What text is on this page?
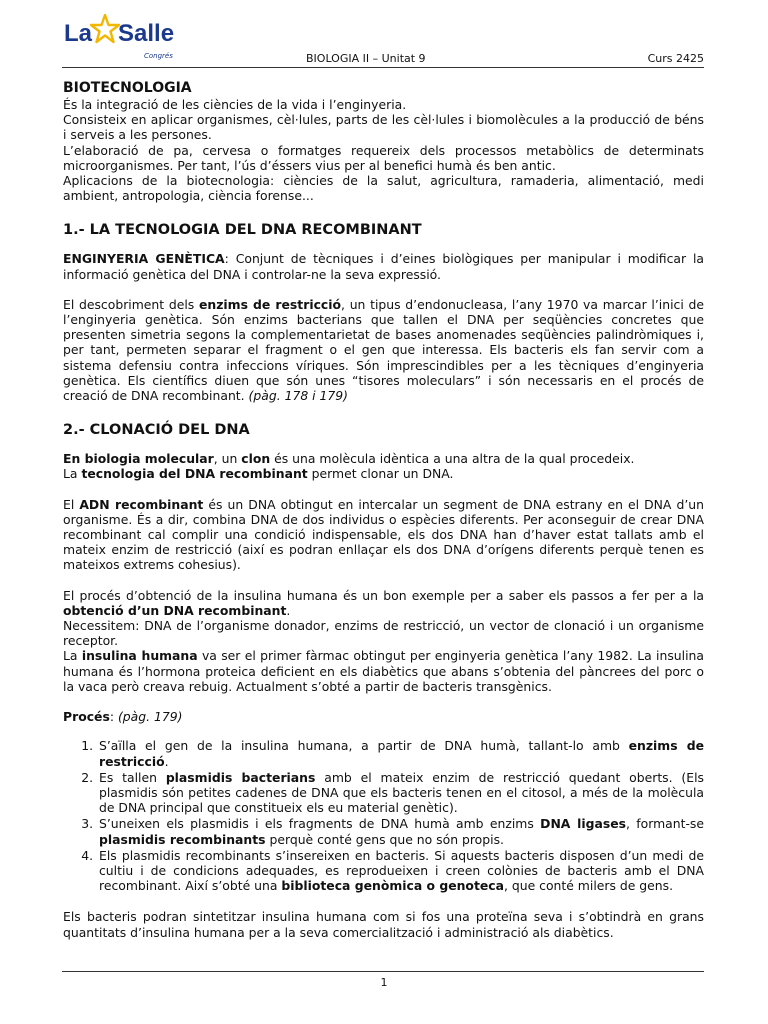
La Salle
Congrés	BIOLOGIA II – Unitat 9	Curs 2425
BIOTECNOLOGIA

És la integració de les ciències de la vida i l’enginyeria.

Consisteix en aplicar organismes, cèl·lules, parts de les cèl·lules i biomolècules a la producció de béns i serveis a les persones.

L’elaboració de pa, cervesa o formatges requereix dels processos metabòlics de determinats microorganismes. Per tant, l’ús d’éssers vius per al benefici humà és ben antic.

Aplicacions de la biotecnologia: ciències de la salut, agricultura, ramaderia, alimentació, medi ambient, antropologia, ciència forense...

1.- LA TECNOLOGIA DEL DNA RECOMBINANT

ENGINYERIA GENÈTICA: Conjunt de tècniques i d’eines biològiques per manipular i modificar la informació genètica del DNA i controlar-ne la seva expressió.

El descobriment dels enzims de restricció, un tipus d’endonucleasa, l’any 1970 va marcar l’inici de l’enginyeria genètica. Són enzims bacterians que tallen el DNA per seqüències concretes que presenten simetria segons la complementarietat de bases anomenades seqüències palindròmiques i, per tant, permeten separar el fragment o el gen que interessa. Els bacteris els fan servir com a sistema defensiu contra infeccions víriques. Són imprescindibles per a les tècniques d’enginyeria genètica. Els científics diuen que són unes “tisores moleculars” i són necessaris en el procés de creació de DNA recombinant. (pàg. 178 i 179)

2.- CLONACIÓ DEL DNA

En biologia molecular, un clon és una molècula idèntica a una altra de la qual procedeix.

La tecnologia del DNA recombinant permet clonar un DNA.

El ADN recombinant és un DNA obtingut en intercalar un segment de DNA estrany en el DNA d’un organisme. És a dir, combina DNA de dos individus o espècies diferents. Per aconseguir de crear DNA recombinant cal complir una condició indispensable, els dos DNA han d’haver estat tallats amb el mateix enzim de restricció (així es podran enllaçar els dos DNA d’orígens diferents perquè tenen es mateixos extrems cohesius).

El procés d’obtenció de la insulina humana és un bon exemple per a saber els passos a fer per a la obtenció d’un DNA recombinant.

Necessitem: DNA de l’organisme donador, enzims de restricció, un vector de clonació i un organisme receptor.

La insulina humana va ser el primer fàrmac obtingut per enginyeria genètica l’any 1982. La insulina humana és l’hormona proteica deficient en els diabètics que abans s’obtenia del pàncrees del porc o la vaca però creava rebuig. Actualment s’obté a partir de bacteris transgènics.

Procés: (pàg. 179)

1. S’aïlla el gen de la insulina humana, a partir de DNA humà, tallant-lo amb enzims de restricció.
2. Es tallen plasmidis bacterians amb el mateix enzim de restricció quedant oberts. (Els plasmidis són petites cadenes de DNA que els bacteris tenen en el citosol, a més de la molècula de DNA principal que constitueix els eu material genètic).
3. S’uneixen els plasmidis i els fragments de DNA humà amb enzims DNA ligases, formant-se plasmidis recombinants perquè conté gens que no són propis.
4. Els plasmidis recombinants s’insereixen en bacteris. Si aquests bacteris disposen d’un medi de cultiu i de condicions adequades, es reprodueixen i creen colònies de bacteris amb el DNA recombinant. Així s’obté una biblioteca genòmica o genoteca, que conté milers de gens.

Els bacteris podran sintetitzar insulina humana com si fos una proteïna seva i s’obtindrà en grans quantitats d’insulina humana per a la seva comercialització i administració als diabètics.

1
